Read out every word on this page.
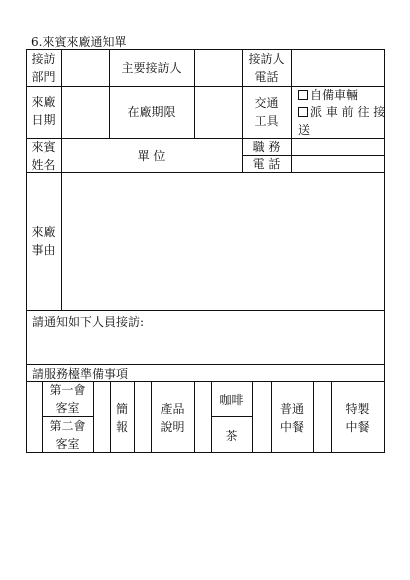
6.來賓來廠通知單
接訪
部門
主要接訪人
接訪人
電話
來廠
日期
在廠期限
交通
工具
自備車輛
派 車 前 往 接
送
來賓
姓名
單 位
職 務
電 話
來廠
事由
請通知如下人員接訪:
請服務檯準備事項
第一會
客室
第二會
客室
簡
報
產品
說明
咖啡
茶
普通
中餐
特製
中餐
